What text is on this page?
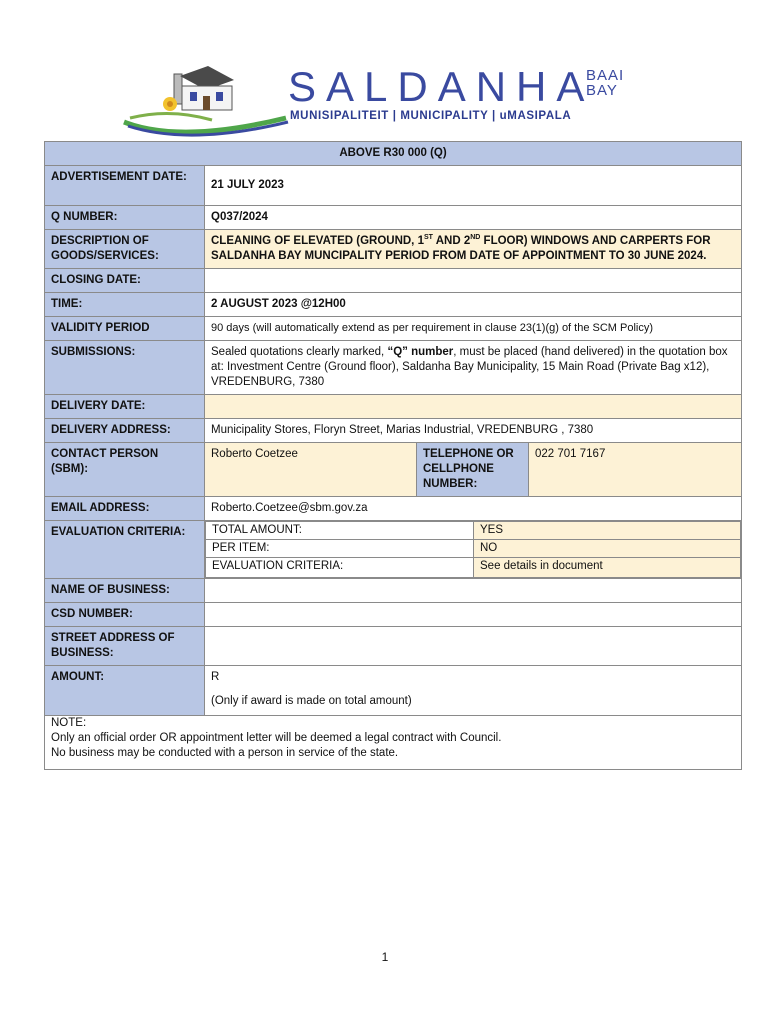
SALDANHA
BAAI
BAY
MUNISIPALITEIT | MUNICIPALITY | uMASIPALA
ABOVE R30 000 (Q)
ADVERTISEMENT DATE:	21 JULY 2023
Q NUMBER:	Q037/2024
DESCRIPTION OF GOODS/SERVICES:	CLEANING OF ELEVATED (GROUND, 1ST AND 2ND FLOOR) WINDOWS AND CARPERTS FOR SALDANHA BAY MUNCIPALITY PERIOD FROM DATE OF APPOINTMENT TO 30 JUNE 2024.
CLOSING DATE:	
TIME:	2 AUGUST 2023 @12H00
VALIDITY PERIOD	90 days (will automatically extend as per requirement in clause 23(1)(g) of the SCM Policy)
SUBMISSIONS:	Sealed quotations clearly marked, “Q” number, must be placed (hand delivered) in the quotation box at: Investment Centre (Ground floor), Saldanha Bay Municipality, 15 Main Road (Private Bag x12), VREDENBURG, 7380
DELIVERY DATE:	
DELIVERY ADDRESS:	Municipality Stores, Floryn Street, Marias Industrial, VREDENBURG , 7380
CONTACT PERSON (SBM):	Roberto Coetzee	TELEPHONE OR CELLPHONE NUMBER:	022 701 7167
EMAIL ADDRESS:	Roberto.Coetzee@sbm.gov.za
EVALUATION CRITERIA:	TOTAL AMOUNT:	YES
PER ITEM:	NO
EVALUATION CRITERIA:	See details in document

NAME OF BUSINESS:	
CSD NUMBER:	
STREET ADDRESS OF BUSINESS:	
AMOUNT:	R
(Only if award is made on total amount)

NOTE:
Only an official order OR appointment letter will be deemed a legal contract with Council.
No business may be conducted with a person in service of the state.
1
